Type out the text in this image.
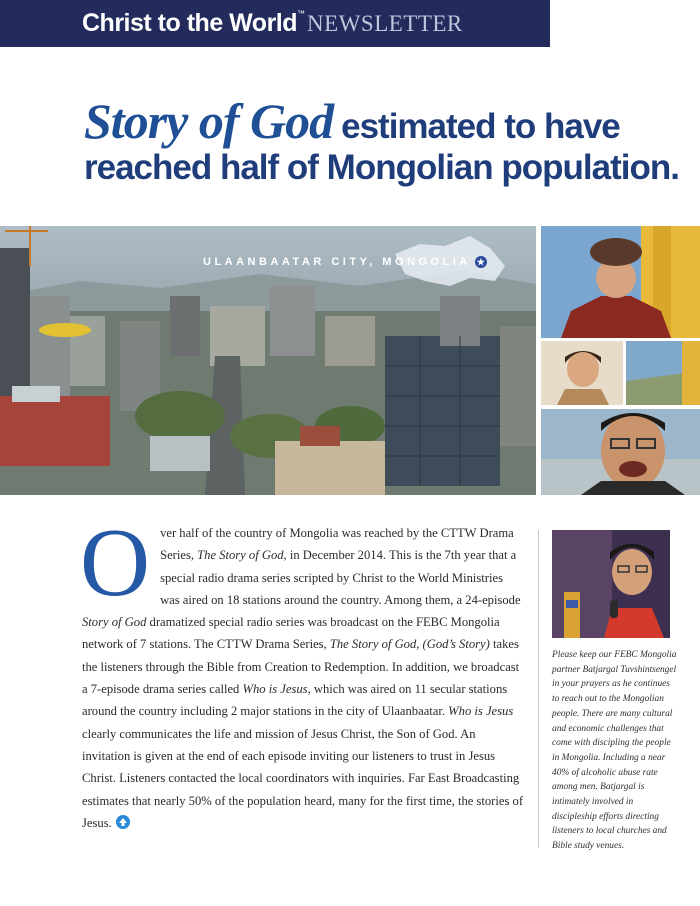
Christ to the World ™ NEWSLETTER
Story of God estimated to have
reached half of Mongolian population.
ULAANBAATAR CITY, MONGOLIA ★
Over half of the country of Mongolia was reached by the CTTW Drama Series, The Story of God, in December 2014. This is the 7th year that a special radio drama series scripted by Christ to the World Ministries was aired on 18 stations around the country. Among them, a 24-episode Story of God dramatized special radio series was broadcast on the FEBC Mongolia network of 7 stations. The CTTW Drama Series, The Story of God, (God’s Story) takes the listeners through the Bible from Creation to Redemption. In addition, we broadcast a 7-episode drama series called Who is Jesus, which was aired on 11 secular stations around the country including 2 major stations in the city of Ulaanbaatar. Who is Jesus clearly communicates the life and mission of Jesus Christ, the Son of God. An invitation is given at the end of each episode inviting our listeners to trust in Jesus Christ. Listeners contacted the local coordinators with inquiries. Far East Broadcasting estimates that nearly 50% of the population heard, many for the first time, the stories of Jesus.

Please keep our FEBC Mongolia partner Batjargal Tuvshintsengel in your prayers as he continues to reach out to the Mongolian people. There are many cultural and economic challenges that come with discipling the people in Mongolia. Including a near 40% of alcoholic abuse rate among men. Batjargal is intimately involved in discipleship efforts directing listeners to local churches and Bible study venues.
